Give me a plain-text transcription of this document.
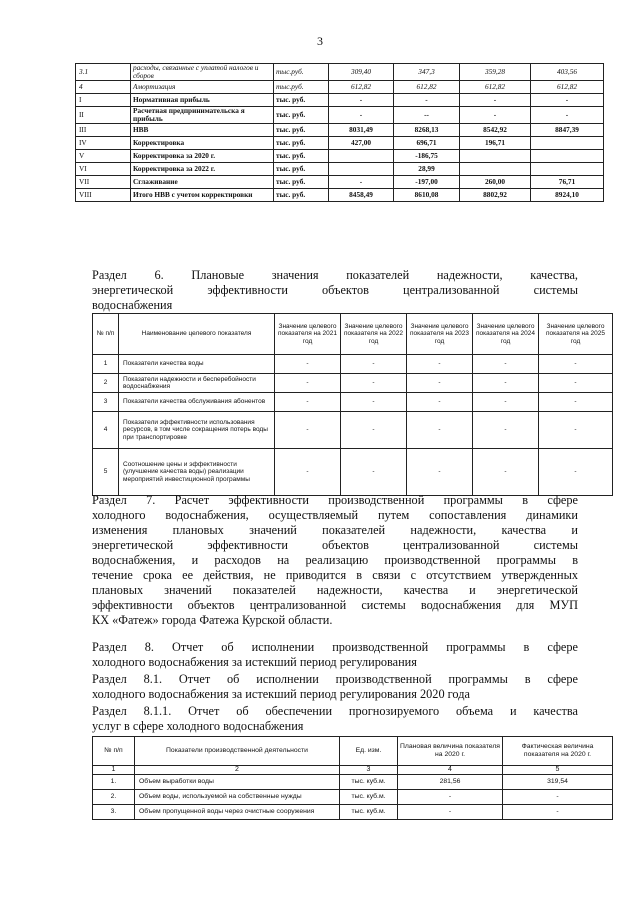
3
3.1	расходы, связанные с уплатой налогов и сборов	тыс.руб.	309,40	347,3	359,28	403,56	
4	Амортизация	тыс.руб.	612,82	612,82	612,82	612,82	
I	Нормативная прибыль	тыс. руб.	-	-	-	-	
II	Расчетная предпринимательска я прибыль	тыс. руб.	-	--	-	-	
III	НВВ	тыс. руб.	8031,49	8268,13	8542,92	8847,39	
IV	Корректировка	тыс. руб.	427,00	696,71	196,71		
V	Корректировка за 2020 г.	тыс. руб.		-186,75			
VI	Корректировка за 2022 г.	тыс. руб.		28,99			
VII	Сглаживание	тыс. руб.	-	-197,00	260,00	76,71	
VIII	Итого НВВ с учетом корректировки	тыс. руб.	8458,49	8610,08	8802,92	8924,10	
Раздел 6. Плановые значения показателей надежности, качества,
энергетической эффективности объектов централизованной системы
водоснабжения
№ п/п	Наименование целевого показателя	Значение целевого показателя на 2021 год	Значение целевого показателя на 2022 год	Значение целевого показателя на 2023 год	Значение целевого показателя на 2024 год	Значение целевого показателя на 2025 год
1	Показатели качества воды	-	-	-	-	-
2	Показатели надежности и бесперебойности водоснабжения	-	-	-	-	-
3	Показатели качества обслуживания абонентов	-	-	-	-	-
4	Показатели эффективности использования ресурсов, в том числе сокращения потерь воды при транспортировке	-	-	-	-	-
5	Соотношение цены и эффективности (улучшение качества воды) реализации мероприятий инвестиционной программы	-	-	-	-	-
Раздел 7. Расчет эффективности производственной программы в сфере
холодного водоснабжения, осуществляемый путем сопоставления динамики
изменения плановых значений показателей надежности, качества и
энергетической эффективности объектов централизованной системы
водоснабжения, и расходов на реализацию производственной программы в
течение срока ее действия, не приводится в связи с отсутствием утвержденных
плановых значений показателей надежности, качества и энергетической
эффективности объектов централизованной системы водоснабжения для МУП
КХ «Фатеж» города Фатежа Курской области.
Раздел 8. Отчет об исполнении производственной программы в сфере
холодного водоснабжения за истекший период регулирования
Раздел 8.1. Отчет об исполнении производственной программы в сфере
холодного водоснабжения за истекший период регулирования 2020 года
Раздел 8.1.1. Отчет об обеспечении прогнозируемого объема и качества
услуг в сфере холодного водоснабжения
№ п/п	Показатели производственной деятельности	Ед. изм.	Плановая величина показателя на 2020 г.	Фактическая величина показателя на 2020 г.
1	2	3	4	5
1.	Объем выработки воды	тыс. куб.м.	281,56	319,54
2.	Объем воды, используемой на собственные нужды	тыс. куб.м.	-	-
3.	Объем пропущенной воды через очистные сооружения	тыс. куб.м.	-	-
